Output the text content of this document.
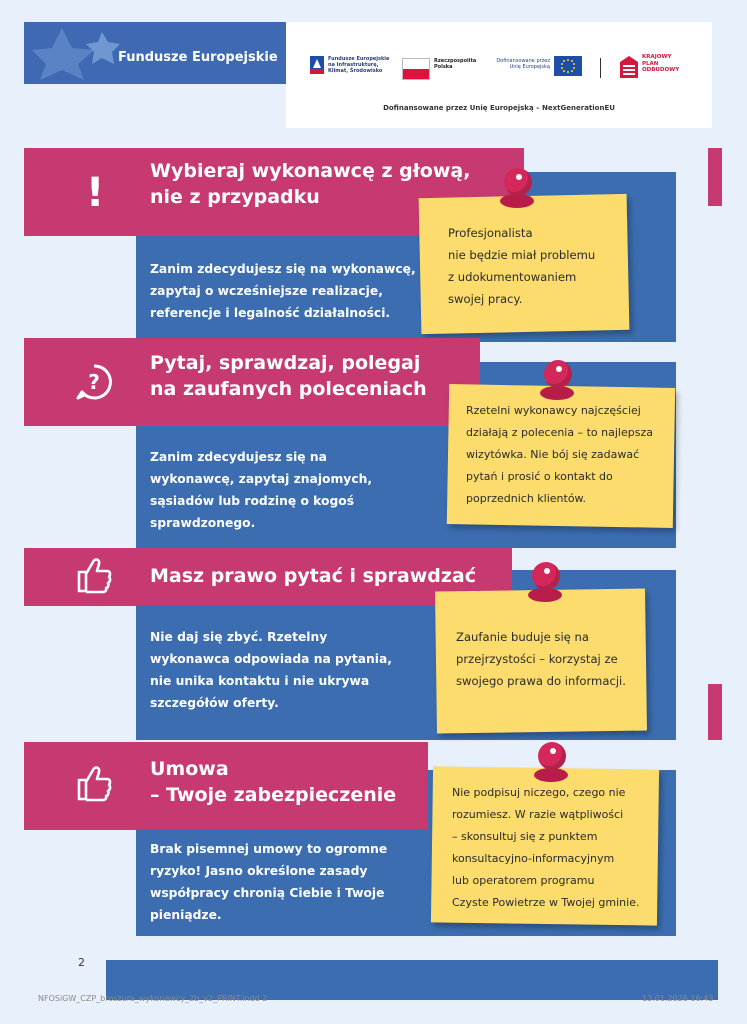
Fundusze Europejskie	Fundusze Europejskie na Infrastrukturę, Klimat, Środowisko
Rzeczpospolita Polska
Dofinansowane przez Unię Europejską
KRAJOWY PLAN ODBUDOWY
Dofinansowane przez Unię Europejską – NextGenerationEU
! Wybieraj wykonawcę z głową,
nie z przypadku
Zanim zdecydujesz się na wykonawcę,
zapytaj o wcześniejsze realizacje,
referencje i legalność działalności.
Profesjonalista
nie będzie miał problemu
z udokumentowaniem
swojej pracy.
?
Pytaj, sprawdzaj, polegaj
na zaufanych poleceniach
Zanim zdecydujesz się na
wykonawcę, zapytaj znajomych,
sąsiadów lub rodzinę o kogoś
sprawdzonego.
Rzetelni wykonawcy najczęściej
działają z polecenia – to najlepsza
wizytówka. Nie bój się zadawać
pytań i prosić o kontakt do
poprzednich klientów.
Masz prawo pytać i sprawdzać
Nie daj się zbyć. Rzetelny
wykonawca odpowiada na pytania,
nie unika kontaktu i nie ukrywa
szczegółów oferty.
Zaufanie buduje się na
przejrzystości – korzystaj ze
swojego prawa do informacji.
Umowa
– Twoje zabezpieczenie
Brak pisemnej umowy to ogromne
ryzyko! Jasno określone zasady
współpracy chronią Ciebie i Twoje
pieniądze.
Nie podpisuj niczego, czego nie
rozumiesz. W razie wątpliwości
– skonsultuj się z punktem
konsultacyjno-informacyjnym
lub operatorem programu
Czyste Powietrze w Twojej gminie.
2
NFOSiGW_CZP_broszura_wykonawcy_2b_v2_PRINT.indd 2	13.01.2026 16:43
